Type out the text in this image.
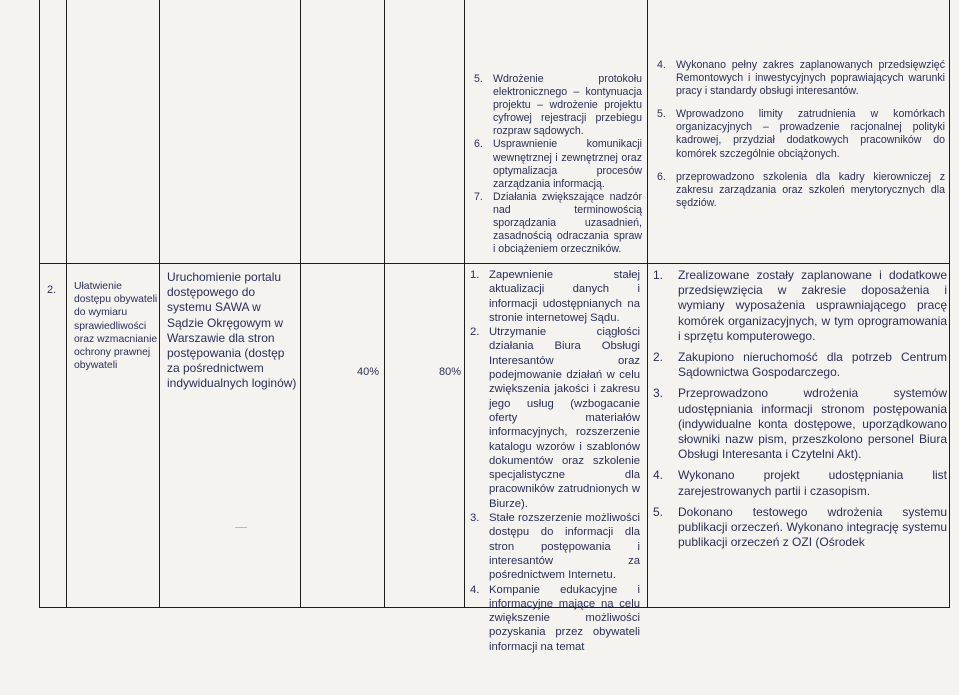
5. Wdrożenie protokołu elektronicznego – kontynuacja projektu – wdrożenie projektu cyfrowej rejestracji przebiegu rozpraw sądowych.
6. Usprawnienie komunikacji wewnętrznej i zewnętrznej oraz optymalizacja procesów zarządzania informacją.
7. Działania zwiększające nadzór nad terminowością sporządzania uzasadnień, zasadnością odraczania spraw i obciążeniem orzeczników.
4. Wykonano pełny zakres zaplanowanych przedsięwzięć Remontowych i inwestycyjnych poprawiających warunki pracy i standardy obsługi interesantów.
5. Wprowadzono limity zatrudnienia w komórkach organizacyjnych – prowadzenie racjonalnej polityki kadrowej, przydział dodatkowych pracowników do komórek szczególnie obciążonych.
6. przeprowadzono szkolenia dla kadry kierowniczej z zakresu zarządzania oraz szkoleń merytorycznych dla sędziów.
2. Ułatwienie dostępu obywateli do wymiaru sprawiedliwości oraz wzmacnianie ochrony prawnej obywateli
Uruchomienie portalu dostępowego do systemu SAWA w Sądzie Okręgowym w Warszawie dla stron postępowania (dostęp za pośrednictwem indywidualnych loginów)
40%	80%
1. Zapewnienie stałej aktualizacji danych i informacji udostępnianych na stronie internetowej Sądu.
2. Utrzymanie ciągłości działania Biura Obsługi Interesantów oraz podejmowanie działań w celu zwiększenia jakości i zakresu jego usług (wzbogacanie oferty materiałów informacyjnych, rozszerzenie katalogu wzorów i szablonów dokumentów oraz szkolenie specjalistyczne dla pracowników zatrudnionych w Biurze).
3. Stałe rozszerzenie możliwości dostępu do informacji dla stron postępowania i interesantów za pośrednictwem Internetu.
4. Kompanie edukacyjne i informacyjne mające na celu zwiększenie możliwości pozyskania przez obywateli informacji na temat
1. Zrealizowane zostały zaplanowane i dodatkowe przedsięwzięcia w zakresie doposażenia i wymiany wyposażenia usprawniającego pracę komórek organizacyjnych, w tym oprogramowania i sprzętu komputerowego.
2. Zakupiono nieruchomość dla potrzeb Centrum Sądownictwa Gospodarczego.
3. Przeprowadzono wdrożenia systemów udostępniania informacji stronom postępowania (indywidualne konta dostępowe, uporządkowano słowniki nazw pism, przeszkolono personel Biura Obsługi Interesanta i Czytelni Akt).
4. Wykonano projekt udostępniania list zarejestrowanych partii i czasopism.
5. Dokonano testowego wdrożenia systemu publikacji orzeczeń. Wykonano integrację systemu publikacji orzeczeń z OZI (Ośrodek
